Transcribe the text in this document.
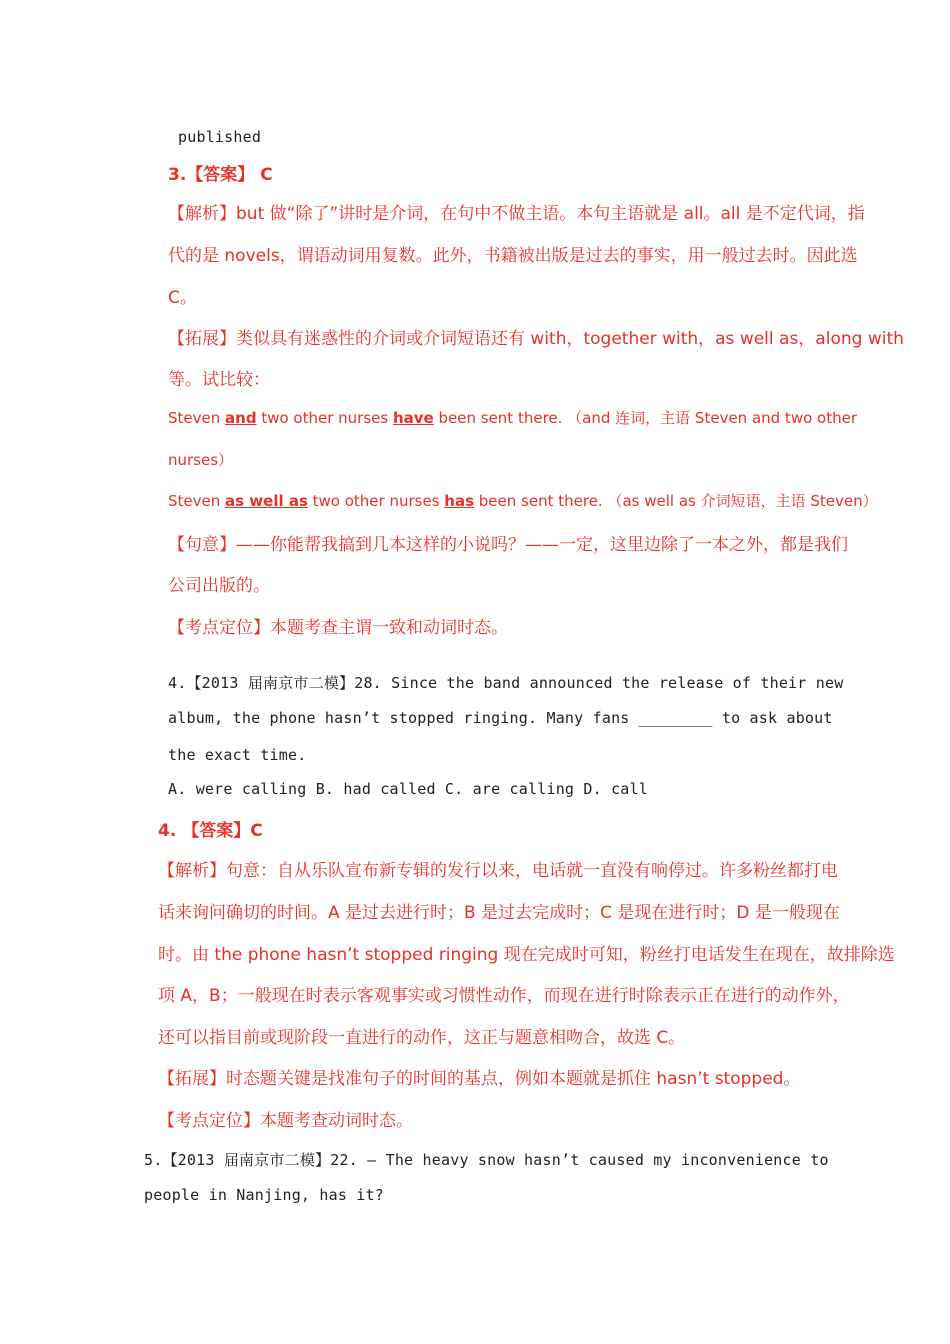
published
3.【答案】 C
【解析】but 做“除了”讲时是介词，在句中不做主语。本句主语就是 all。all 是不定代词，指
代的是 novels，谓语动词用复数。此外，书籍被出版是过去的事实，用一般过去时。因此选
C。
【拓展】类似具有迷惑性的介词或介词短语还有 with，together with，as well as，along with
等。试比较：
Steven and two other nurses have been sent there. （and 连词，主语 Steven and two other
nurses）
Steven as well as two other nurses has been sent there. （as well as 介词短语，主语 Steven）
【句意】——你能帮我搞到几本这样的小说吗？——一定，这里边除了一本之外，都是我们
公司出版的。
【考点定位】本题考查主谓一致和动词时态。
4.【2013 届南京市二模】28. Since the band announced the release of their new
album, the phone hasn’t stopped ringing. Many fans ________ to ask about
the exact time.
A. were calling B. had called C. are calling D. call
4. 【答案】C
【解析】句意：自从乐队宣布新专辑的发行以来，电话就一直没有响停过。许多粉丝都打电
话来询问确切的时间。A 是过去进行时；B 是过去完成时；C 是现在进行时；D 是一般现在
时。由 the phone hasn’t stopped ringing 现在完成时可知，粉丝打电话发生在现在，故排除选
项 A，B；一般现在时表示客观事实或习惯性动作，而现在进行时除表示正在进行的动作外，
还可以指目前或现阶段一直进行的动作，这正与题意相吻合，故选 C。
【拓展】时态题关键是找准句子的时间的基点，例如本题就是抓住 hasn’t stopped。
【考点定位】本题考查动词时态。
5.【2013 届南京市二模】22. — The heavy snow hasn’t caused my inconvenience to
people in Nanjing, has it?
